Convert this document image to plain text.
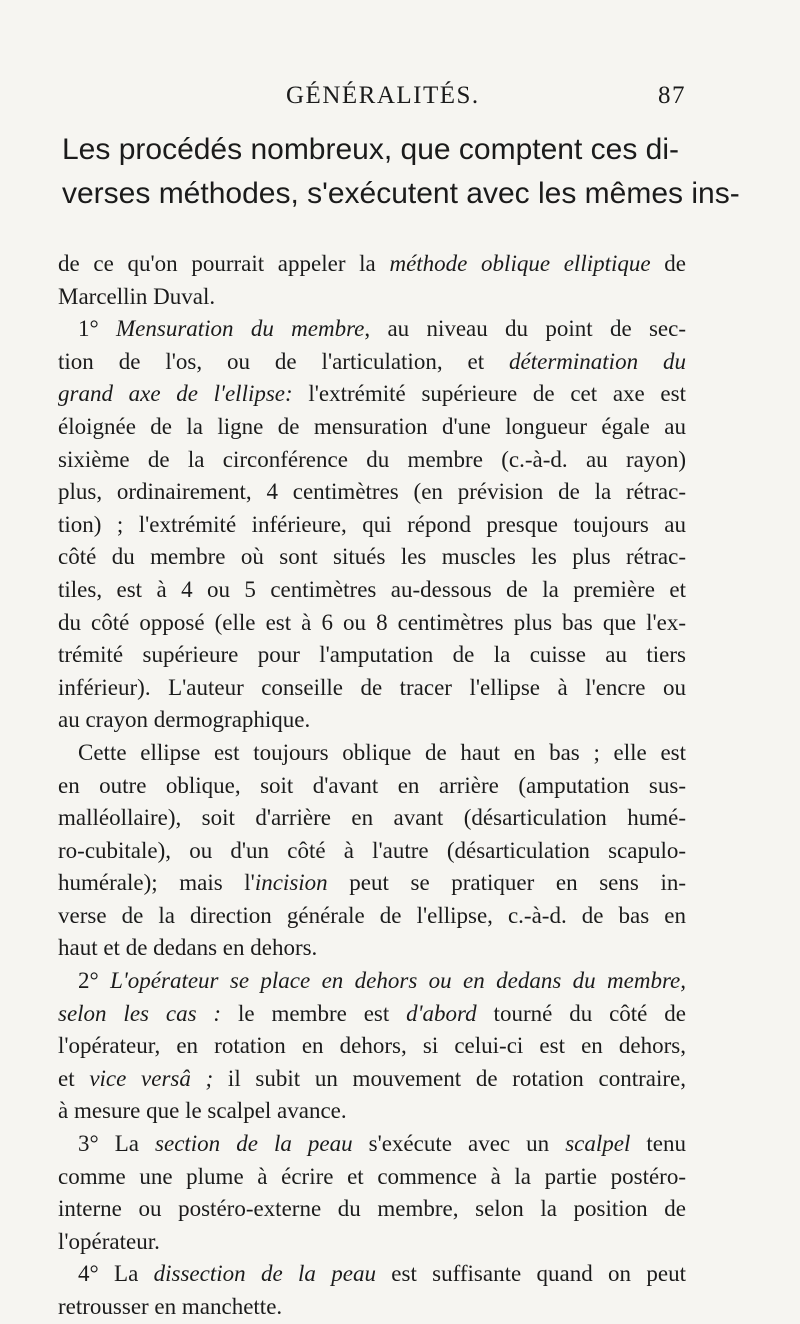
GÉNÉRALITÉS.	87
Les procédés nombreux, que comptent ces di-
verses méthodes, s'exécutent avec les mêmes ins-
de ce qu'on pourrait appeler la méthode oblique elliptique de
Marcellin Duval.
1° Mensuration du membre, au niveau du point de sec-
tion de l'os, ou de l'articulation, et détermination du
grand axe de l'ellipse: l'extrémité supérieure de cet axe est
éloignée de la ligne de mensuration d'une longueur égale au
sixième de la circonférence du membre (c.-à-d. au rayon)
plus, ordinairement, 4 centimètres (en prévision de la rétrac-
tion) ; l'extrémité inférieure, qui répond presque toujours au
côté du membre où sont situés les muscles les plus rétrac-
tiles, est à 4 ou 5 centimètres au-dessous de la première et
du côté opposé (elle est à 6 ou 8 centimètres plus bas que l'ex-
trémité supérieure pour l'amputation de la cuisse au tiers
inférieur). L'auteur conseille de tracer l'ellipse à l'encre ou
au crayon dermographique.
Cette ellipse est toujours oblique de haut en bas ; elle est
en outre oblique, soit d'avant en arrière (amputation sus-
malléollaire), soit d'arrière en avant (désarticulation humé-
ro-cubitale), ou d'un côté à l'autre (désarticulation scapulo-
humérale); mais l'incision peut se pratiquer en sens in-
verse de la direction générale de l'ellipse, c.-à-d. de bas en
haut et de dedans en dehors.
2° L'opérateur se place en dehors ou en dedans du membre,
selon les cas : le membre est d'abord tourné du côté de
l'opérateur, en rotation en dehors, si celui-ci est en dehors,
et vice versâ ; il subit un mouvement de rotation contraire,
à mesure que le scalpel avance.
3° La section de la peau s'exécute avec un scalpel tenu
comme une plume à écrire et commence à la partie postéro-
interne ou postéro-externe du membre, selon la position de
l'opérateur.
4° La dissection de la peau est suffisante quand on peut
retrousser en manchette.
